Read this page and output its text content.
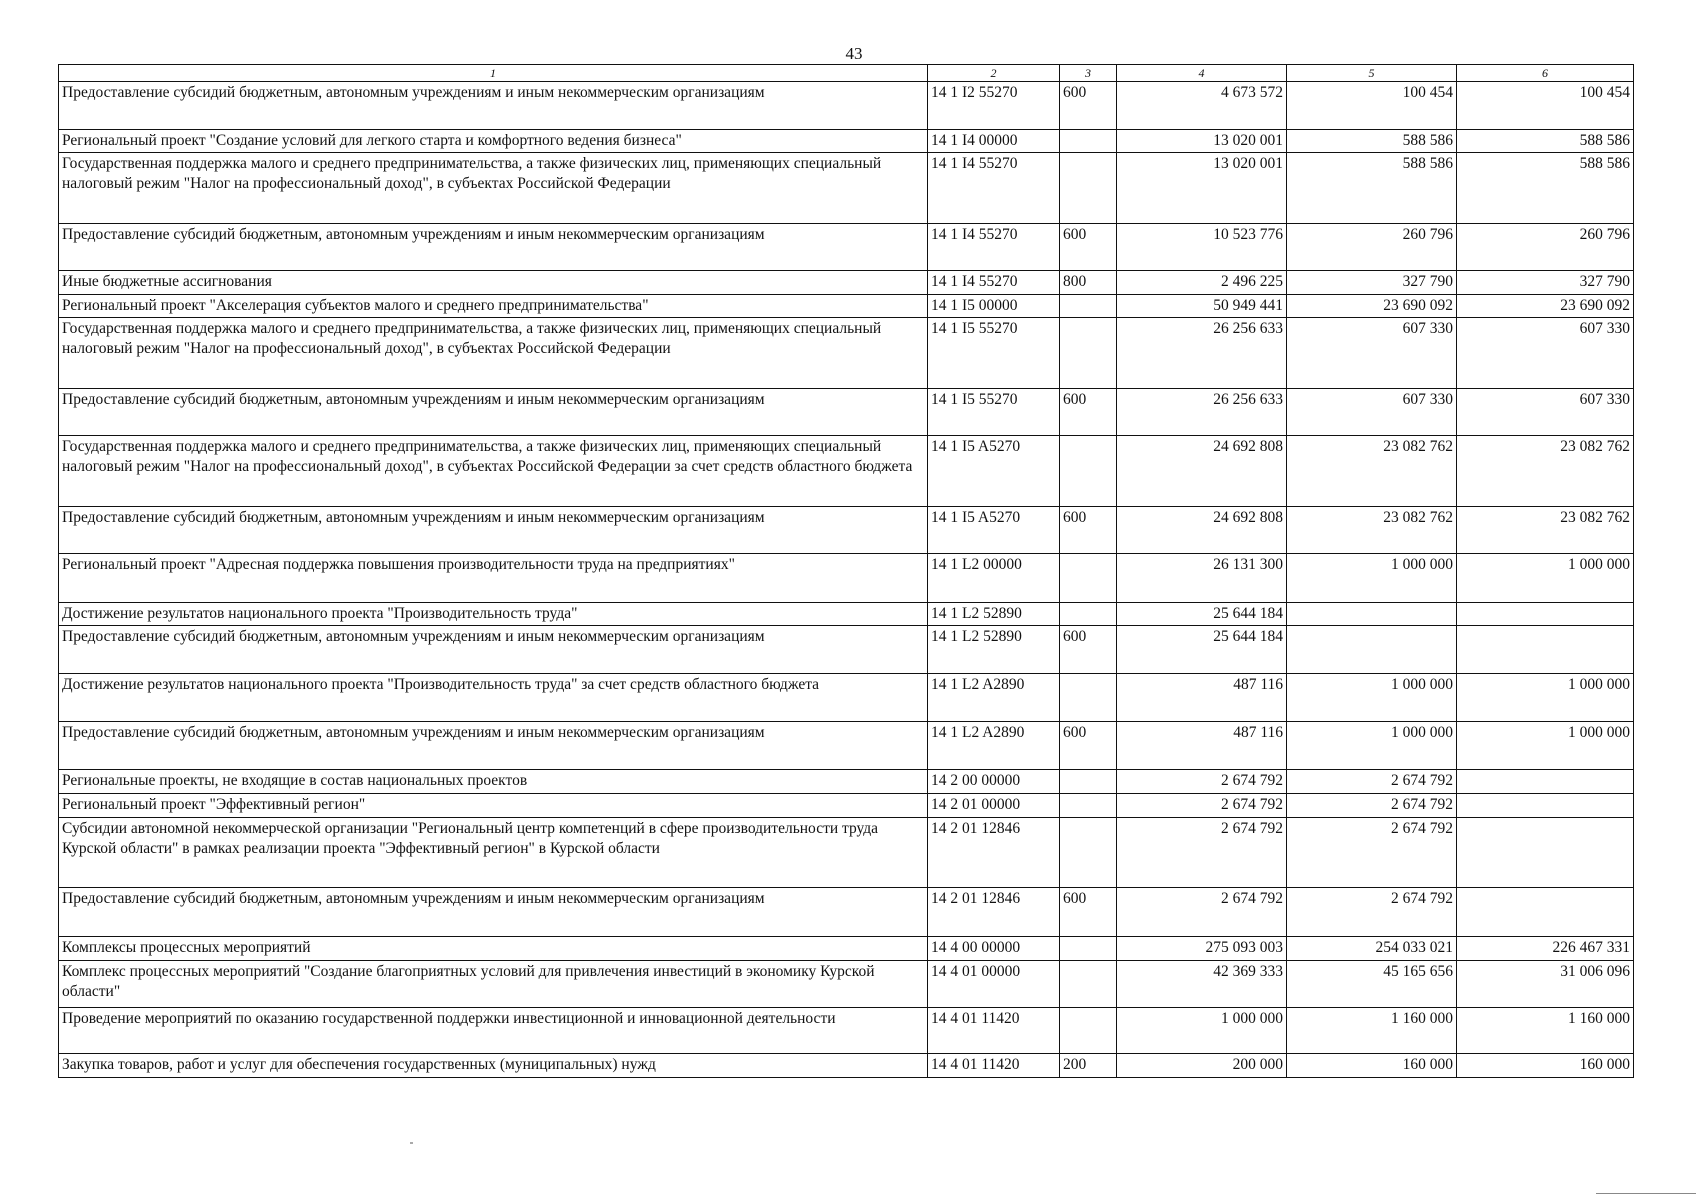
43
1	2	3	4	5	6
Предоставление субсидий бюджетным, автономным учреждениям и иным некоммерческим организациям	14 1 I2 55270	600	4 673 572	100 454	100 454
Региональный проект "Создание условий для легкого старта и комфортного ведения бизнеса"	14 1 I4 00000		13 020 001	588 586	588 586
Государственная поддержка малого и среднего предпринимательства, а также физических лиц, применяющих специальный налоговый режим "Налог на профессиональный доход", в субъектах Российской Федерации	14 1 I4 55270		13 020 001	588 586	588 586
Предоставление субсидий бюджетным, автономным учреждениям и иным некоммерческим организациям	14 1 I4 55270	600	10 523 776	260 796	260 796
Иные бюджетные ассигнования	14 1 I4 55270	800	2 496 225	327 790	327 790
Региональный проект "Акселерация субъектов малого и среднего предпринимательства"	14 1 I5 00000		50 949 441	23 690 092	23 690 092
Государственная поддержка малого и среднего предпринимательства, а также физических лиц, применяющих специальный налоговый режим "Налог на профессиональный доход", в субъектах Российской Федерации	14 1 I5 55270		26 256 633	607 330	607 330
Предоставление субсидий бюджетным, автономным учреждениям и иным некоммерческим организациям	14 1 I5 55270	600	26 256 633	607 330	607 330
Государственная поддержка малого и среднего предпринимательства, а также физических лиц, применяющих специальный налоговый режим "Налог на профессиональный доход", в субъектах Российской Федерации за счет средств областного бюджета	14 1 I5 A5270		24 692 808	23 082 762	23 082 762
Предоставление субсидий бюджетным, автономным учреждениям и иным некоммерческим организациям	14 1 I5 A5270	600	24 692 808	23 082 762	23 082 762
Региональный проект "Адресная поддержка повышения производительности труда на предприятиях"	14 1 L2 00000		26 131 300	1 000 000	1 000 000
Достижение результатов национального проекта "Производительность труда"	14 1 L2 52890		25 644 184		
Предоставление субсидий бюджетным, автономным учреждениям и иным некоммерческим организациям	14 1 L2 52890	600	25 644 184		
Достижение результатов национального проекта "Производительность труда" за счет средств областного бюджета	14 1 L2 A2890		487 116	1 000 000	1 000 000
Предоставление субсидий бюджетным, автономным учреждениям и иным некоммерческим организациям	14 1 L2 A2890	600	487 116	1 000 000	1 000 000
Региональные проекты, не входящие в состав национальных проектов	14 2 00 00000		2 674 792	2 674 792	
Региональный проект "Эффективный регион"	14 2 01 00000		2 674 792	2 674 792	
Субсидии автономной некоммерческой организации "Региональный центр компетенций в сфере производительности труда Курской области" в рамках реализации проекта "Эффективный регион" в Курской области	14 2 01 12846		2 674 792	2 674 792	
Предоставление субсидий бюджетным, автономным учреждениям и иным некоммерческим организациям	14 2 01 12846	600	2 674 792	2 674 792	
Комплексы процессных мероприятий	14 4 00 00000		275 093 003	254 033 021	226 467 331
Комплекс процессных мероприятий "Создание благоприятных условий для привлечения инвестиций в экономику Курской области"	14 4 01 00000		42 369 333	45 165 656	31 006 096
Проведение мероприятий по оказанию государственной поддержки инвестиционной и инновационной деятельности	14 4 01 11420		1 000 000	1 160 000	1 160 000
Закупка товаров, работ и услуг для обеспечения государственных (муниципальных) нужд	14 4 01 11420	200	200 000	160 000	160 000
